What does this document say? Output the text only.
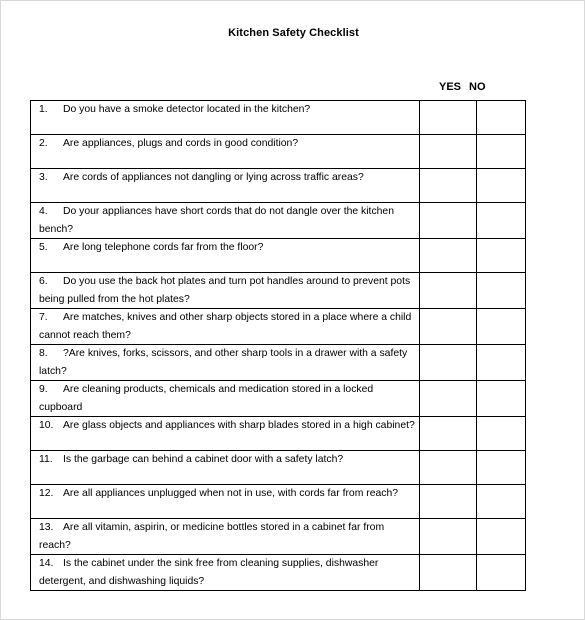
Kitchen Safety Checklist
YES NO
1. Do you have a smoke detector located in the kitchen?		
2. Are appliances, plugs and cords in good condition?		
3. Are cords of appliances not dangling or lying across traffic areas?		
4. Do your appliances have short cords that do not dangle over the kitchen bench?		
5. Are long telephone cords far from the floor?		
6. Do you use the back hot plates and turn pot handles around to prevent pots being pulled from the hot plates?		
7. Are matches, knives and other sharp objects stored in a place where a child cannot reach them?		
8. ?Are knives, forks, scissors, and other sharp tools in a drawer with a safety latch?		
9. Are cleaning products, chemicals and medication stored in a locked cupboard		
10. Are glass objects and appliances with sharp blades stored in a high cabinet?		
11. Is the garbage can behind a cabinet door with a safety latch?		
12. Are all appliances unplugged when not in use, with cords far from reach?		
13. Are all vitamin, aspirin, or medicine bottles stored in a cabinet far from reach?		
14. Is the cabinet under the sink free from cleaning supplies, dishwasher detergent, and dishwashing liquids?		
